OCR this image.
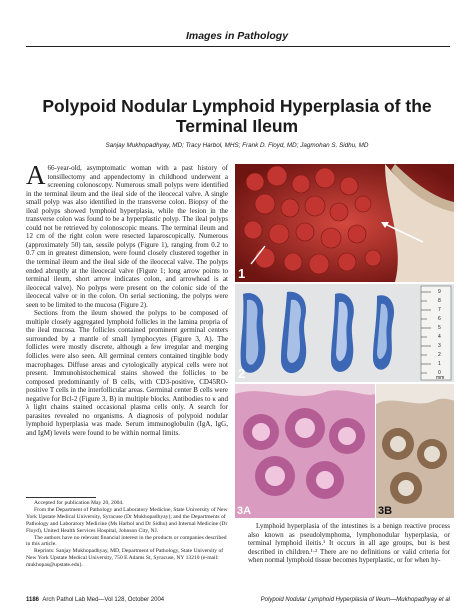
Images in Pathology
Polypoid Nodular Lymphoid Hyperplasia of the
Terminal Ileum
Sanjay Mukhopadhyay, MD; Tracy Harbol, MHS; Frank D. Floyd, MD; Jagmohan S. Sidhu, MD

A 66-year-old, asymptomatic woman with a past history of tonsillectomy and appendectomy in childhood underwent a screening colonoscopy. Numerous small polyps were identified in the terminal ileum and the ileal side of the ileocecal valve. A single small polyp was also identified in the transverse colon. Biopsy of the ileal polyps showed lymphoid hyperplasia, while the lesion in the transverse colon was found to be a hyperplastic polyp. The ileal polyps could not be retrieved by colonoscopic means. The terminal ileum and 12 cm of the right colon were resected laparoscopically. Numerous (approximately 50) tan, sessile polyps (Figure 1), ranging from 0.2 to 0.7 cm in greatest dimension, were found closely clustered together in the terminal ileum and the ileal side of the ileocecal valve. The polyps ended abruptly at the ileocecal valve (Figure 1; long arrow points to terminal ileum, short arrow indicates colon, and arrowhead is at ileocecal valve). No polyps were present on the colonic side of the ileocecal valve or in the colon. On serial sectioning, the polyps were seen to be limited to the mucosa (Figure 2).

Sections from the ileum showed the polyps to be composed of multiple closely aggregated lymphoid follicles in the lamina propria of the ileal mucosa. The follicles contained prominent germinal centers surrounded by a mantle of small lymphocytes (Figure 3, A). The follicles were mostly discrete, although a few irregular and merging follicles were also seen. All germinal centers contained tingible body macrophages. Diffuse areas and cytologically atypical cells were not present. Immunohistochemical stains showed the follicles to be composed predominantly of B cells, with CD3-positive, CD45RO-positive T cells in the interfollicular areas. Germinal center B cells were negative for Bcl-2 (Figure 3, B) in multiple blocks. Antibodies to κ and λ light chains stained occasional plasma cells only. A search for parasites revealed no organisms. A diagnosis of polypoid nodular lymphoid hyperplasia was made. Serum immunoglobulin (IgA, IgG, and IgM) levels were found to be within normal limits.

Accepted for publication May 20, 2004.

From the Department of Pathology and Laboratory Medicine, State University of New York Upstate Medical University, Syracuse (Dr Mukhopadhyay); and the Departments of Pathology and Laboratory Medicine (Ms Harbol and Dr Sidhu) and Internal Medicine (Dr Floyd), United Health Services Hospital, Johnson City, NJ.

The authors have no relevant financial interest in the products or companies described in this article.

Reprints: Sanjay Mukhopadhyay, MD, Department of Pathology, State University of New York Upstate Medical University, 750 E Adams St, Syracuse, NY 13210 (e-mail: mukhopas@upstate.edu).

1
9
8
7
6
5
4
3
2
1
0
mm
2
3A	3B

Lymphoid hyperplasia of the intestines is a benign reactive process also known as pseudolymphoma, lymphonodular hyperplasia, or terminal lymphoid ileitis.¹ It occurs in all age groups, but is best described in children.¹·² There are no definitions or valid criteria for when normal lymphoid tissue becomes hyperplastic, or for when hy-

1186 Arch Pathol Lab Med—Vol 128, October 2004	Polypoid Nodular Lymphoid Hyperplasia of Ileum—Mukhopadhyay et al
